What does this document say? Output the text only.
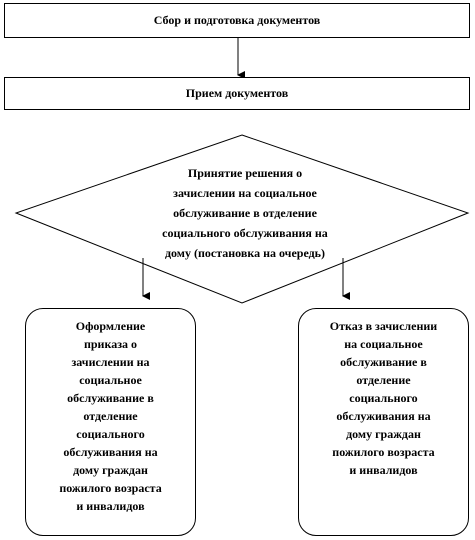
Сбор и подготовка документов
Прием документов
Принятие решения о
зачислении на социальное
обслуживание в отделение
социального обслуживания на
дому (постановка на очередь)
Оформление
приказа о
зачислении на
социальное
обслуживание в
отделение
социального
обслуживания на
дому граждан
пожилого возраста
и инвалидов
Отказ в зачислении
на социальное
обслуживание в
отделение
социального
обслуживания на
дому граждан
пожилого возраста
и инвалидов
